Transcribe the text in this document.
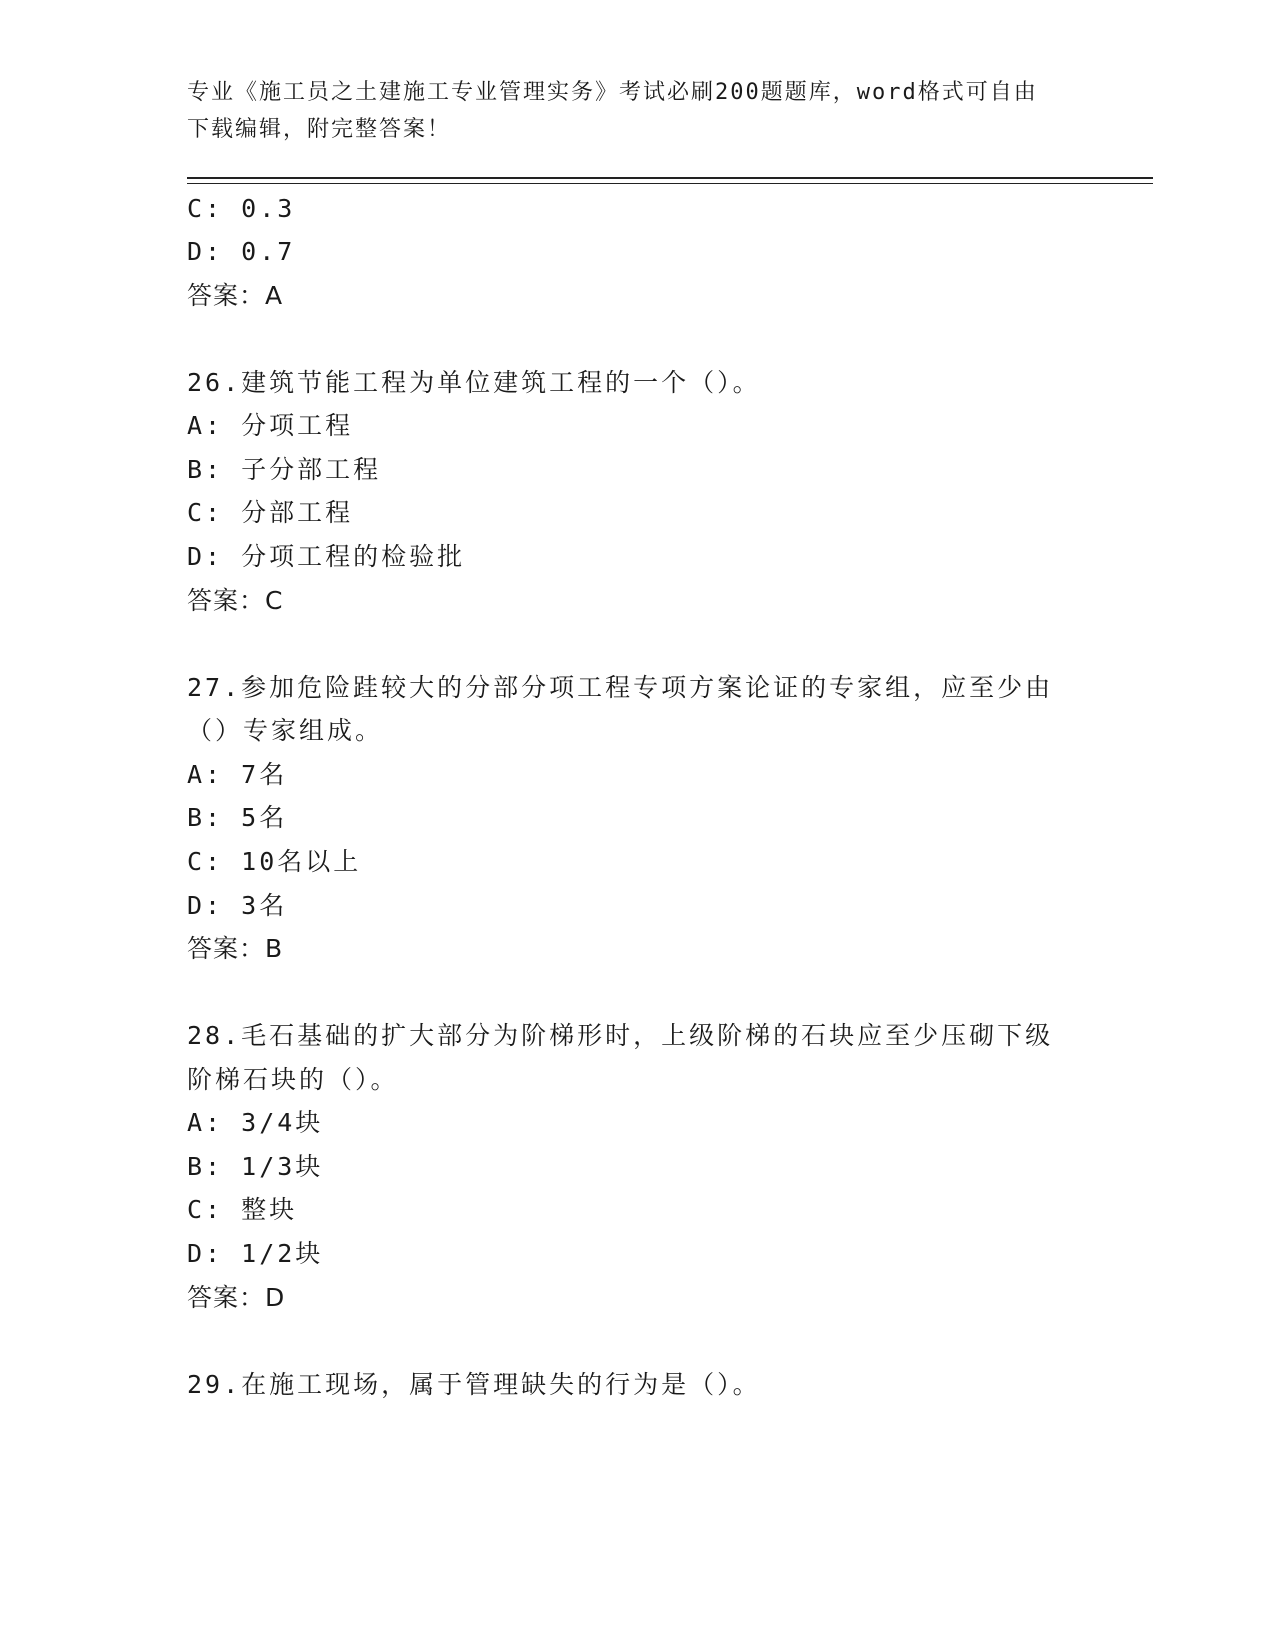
专业《施工员之土建施工专业管理实务》考试必刷200题题库，word格式可自由
下载编辑，附完整答案！
C: 0.3
D: 0.7
答案：A
26.建筑节能工程为单位建筑工程的一个（）。
A: 分项工程
B: 子分部工程
C: 分部工程
D: 分项工程的检验批
答案：C
27.参加危险跬较大的分部分项工程专项方案论证的专家组，应至少由
（）专家组成。
A: 7名
B: 5名
C: 10名以上
D: 3名
答案：B
28.毛石基础的扩大部分为阶梯形时，上级阶梯的石块应至少压砌下级
阶梯石块的（）。
A: 3/4块
B: 1/3块
C: 整块
D: 1/2块
答案：D
29.在施工现场，属于管理缺失的行为是（）。
